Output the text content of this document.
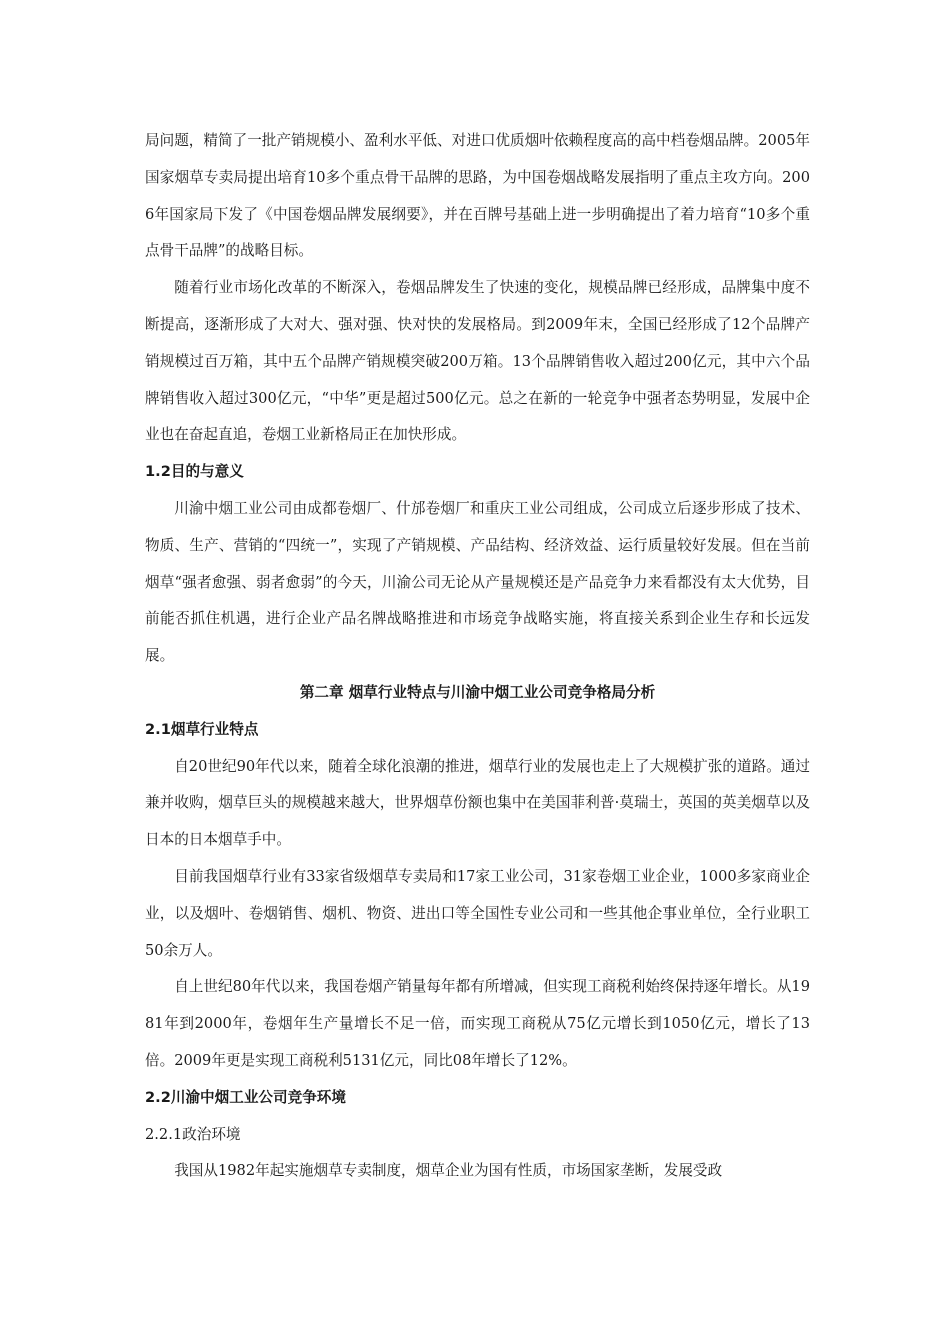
局问题，精简了一批产销规模小、盈利水平低、对进口优质烟叶依赖程度高的高中档卷烟品牌。2005年国家烟草专卖局提出培育10多个重点骨干品牌的思路，为中国卷烟战略发展指明了重点主攻方向。2006年国家局下发了《中国卷烟品牌发展纲要》，并在百牌号基础上进一步明确提出了着力培育“10多个重点骨干品牌”的战略目标。

随着行业市场化改革的不断深入，卷烟品牌发生了快速的变化，规模品牌已经形成，品牌集中度不断提高，逐渐形成了大对大、强对强、快对快的发展格局。到2009年末，全国已经形成了12个品牌产销规模过百万箱，其中五个品牌产销规模突破200万箱。13个品牌销售收入超过200亿元，其中六个品牌销售收入超过300亿元，“中华”更是超过500亿元。总之在新的一轮竞争中强者态势明显，发展中企业也在奋起直追，卷烟工业新格局正在加快形成。

1.2目的与意义

川渝中烟工业公司由成都卷烟厂、什邡卷烟厂和重庆工业公司组成，公司成立后逐步形成了技术、物质、生产、营销的“四统一”，实现了产销规模、产品结构、经济效益、运行质量较好发展。但在当前烟草“强者愈强、弱者愈弱”的今天，川渝公司无论从产量规模还是产品竞争力来看都没有太大优势，目前能否抓住机遇，进行企业产品名牌战略推进和市场竞争战略实施，将直接关系到企业生存和长远发展。

第二章 烟草行业特点与川渝中烟工业公司竞争格局分析
2.1烟草行业特点

自20世纪90年代以来，随着全球化浪潮的推进，烟草行业的发展也走上了大规模扩张的道路。通过兼并收购，烟草巨头的规模越来越大，世界烟草份额也集中在美国菲利普·莫瑞士，英国的英美烟草以及日本的日本烟草手中。

目前我国烟草行业有33家省级烟草专卖局和17家工业公司，31家卷烟工业企业，1000多家商业企业，以及烟叶、卷烟销售、烟机、物资、进出口等全国性专业公司和一些其他企事业单位，全行业职工50余万人。

自上世纪80年代以来，我国卷烟产销量每年都有所增减，但实现工商税利始终保持逐年增长。从1981年到2000年，卷烟年生产量增长不足一倍，而实现工商税从75亿元增长到1050亿元，增长了13倍。2009年更是实现工商税利5131亿元，同比08年增长了12%。

2.2川渝中烟工业公司竞争环境
2.2.1政治环境

我国从1982年起实施烟草专卖制度，烟草企业为国有性质，市场国家垄断，发展受政
